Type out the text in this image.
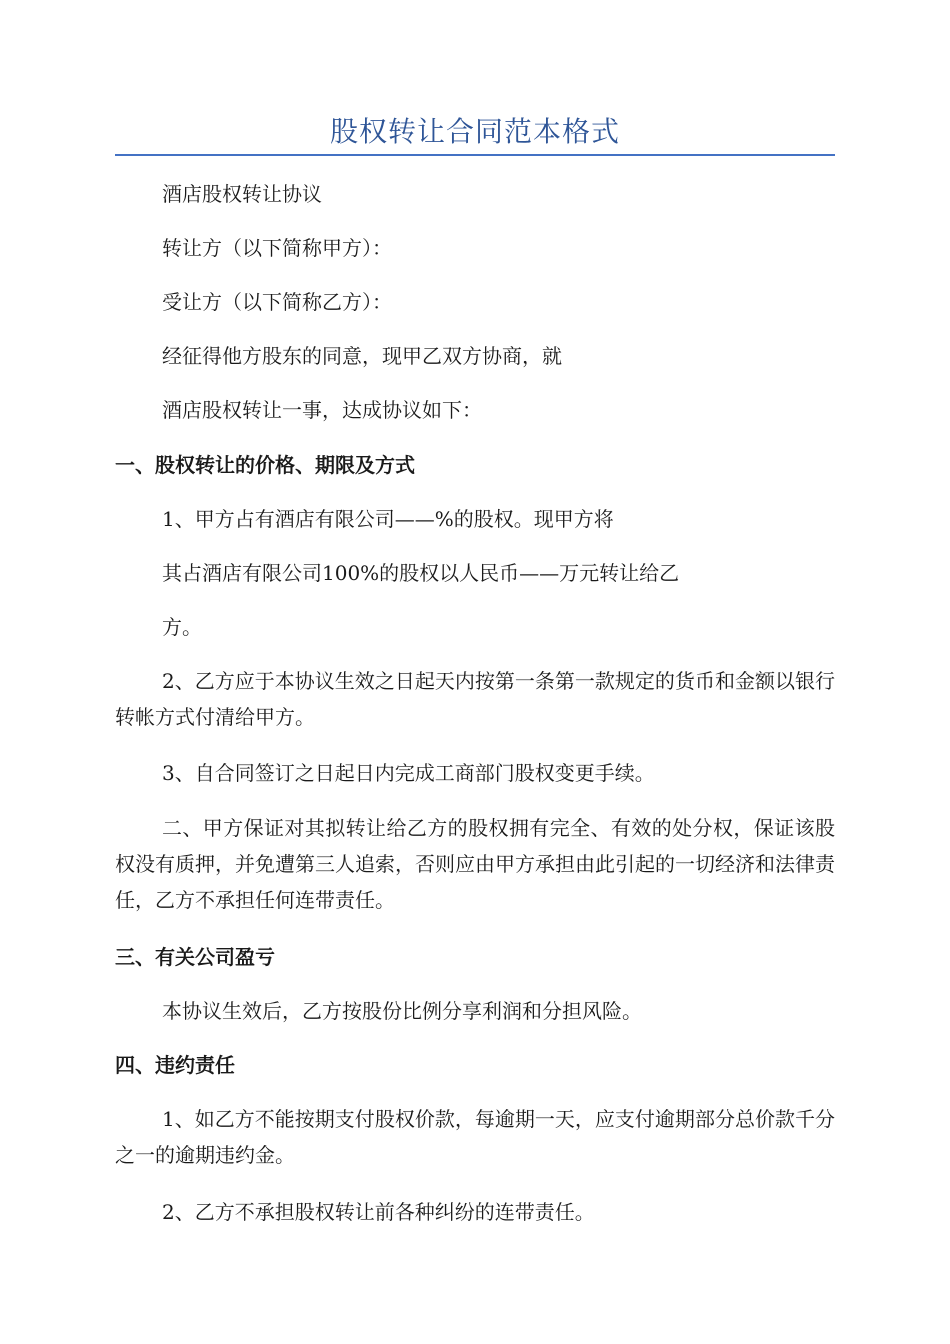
股权转让合同范本格式
酒店股权转让协议
转让方（以下简称甲方）：
受让方（以下简称乙方）：
经征得他方股东的同意，现甲乙双方协商，就
酒店股权转让一事，达成协议如下：
一、股权转让的价格、期限及方式
1、甲方占有酒店有限公司——%的股权。现甲方将
其占酒店有限公司100%的股权以人民币——万元转让给乙
方。
2、乙方应于本协议生效之日起天内按第一条第一款规定的货币和金额以银行转帐方式付清给甲方。
3、自合同签订之日起日内完成工商部门股权变更手续。
二、甲方保证对其拟转让给乙方的股权拥有完全、有效的处分权，保证该股权没有质押，并免遭第三人追索，否则应由甲方承担由此引起的一切经济和法律责任，乙方不承担任何连带责任。
三、有关公司盈亏
本协议生效后，乙方按股份比例分享利润和分担风险。
四、违约责任
1、如乙方不能按期支付股权价款，每逾期一天，应支付逾期部分总价款千分之一的逾期违约金。
2、乙方不承担股权转让前各种纠纷的连带责任。
